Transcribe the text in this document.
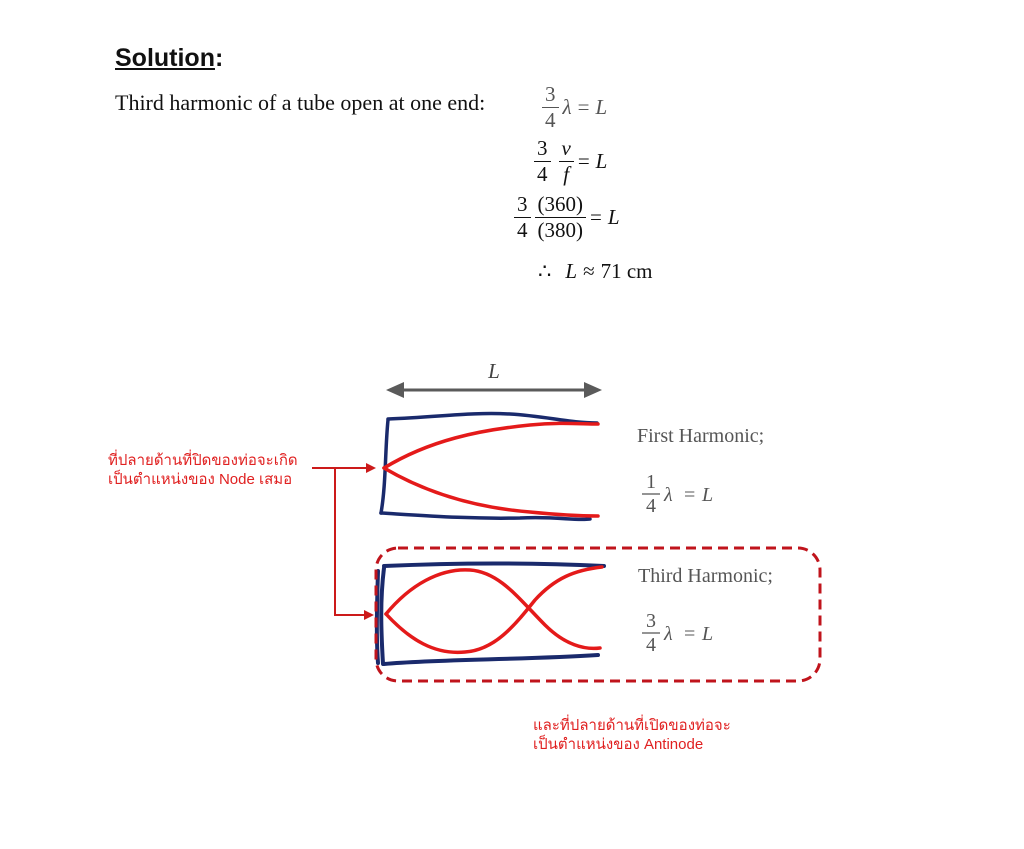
Solution:
Third harmonic of a tube open at one end:	$\frac{3}{4}$ λ = L
$\frac{3}{4} \frac{v}{f} = L$
$\frac{3}{4} \frac{(360)}{(380)} = L$
∴ L ≈ 71 cm
L
First Harmonic;
1
4 λ = L
Third Harmonic;
3
4 λ = L
ที่ปลายด้านที่ปิดของท่อจะเกิด
เป็นตำแหน่งของ Node เสมอ
และที่ปลายด้านที่เปิดของท่อจะ
เป็นตำแหน่งของ Antinode
